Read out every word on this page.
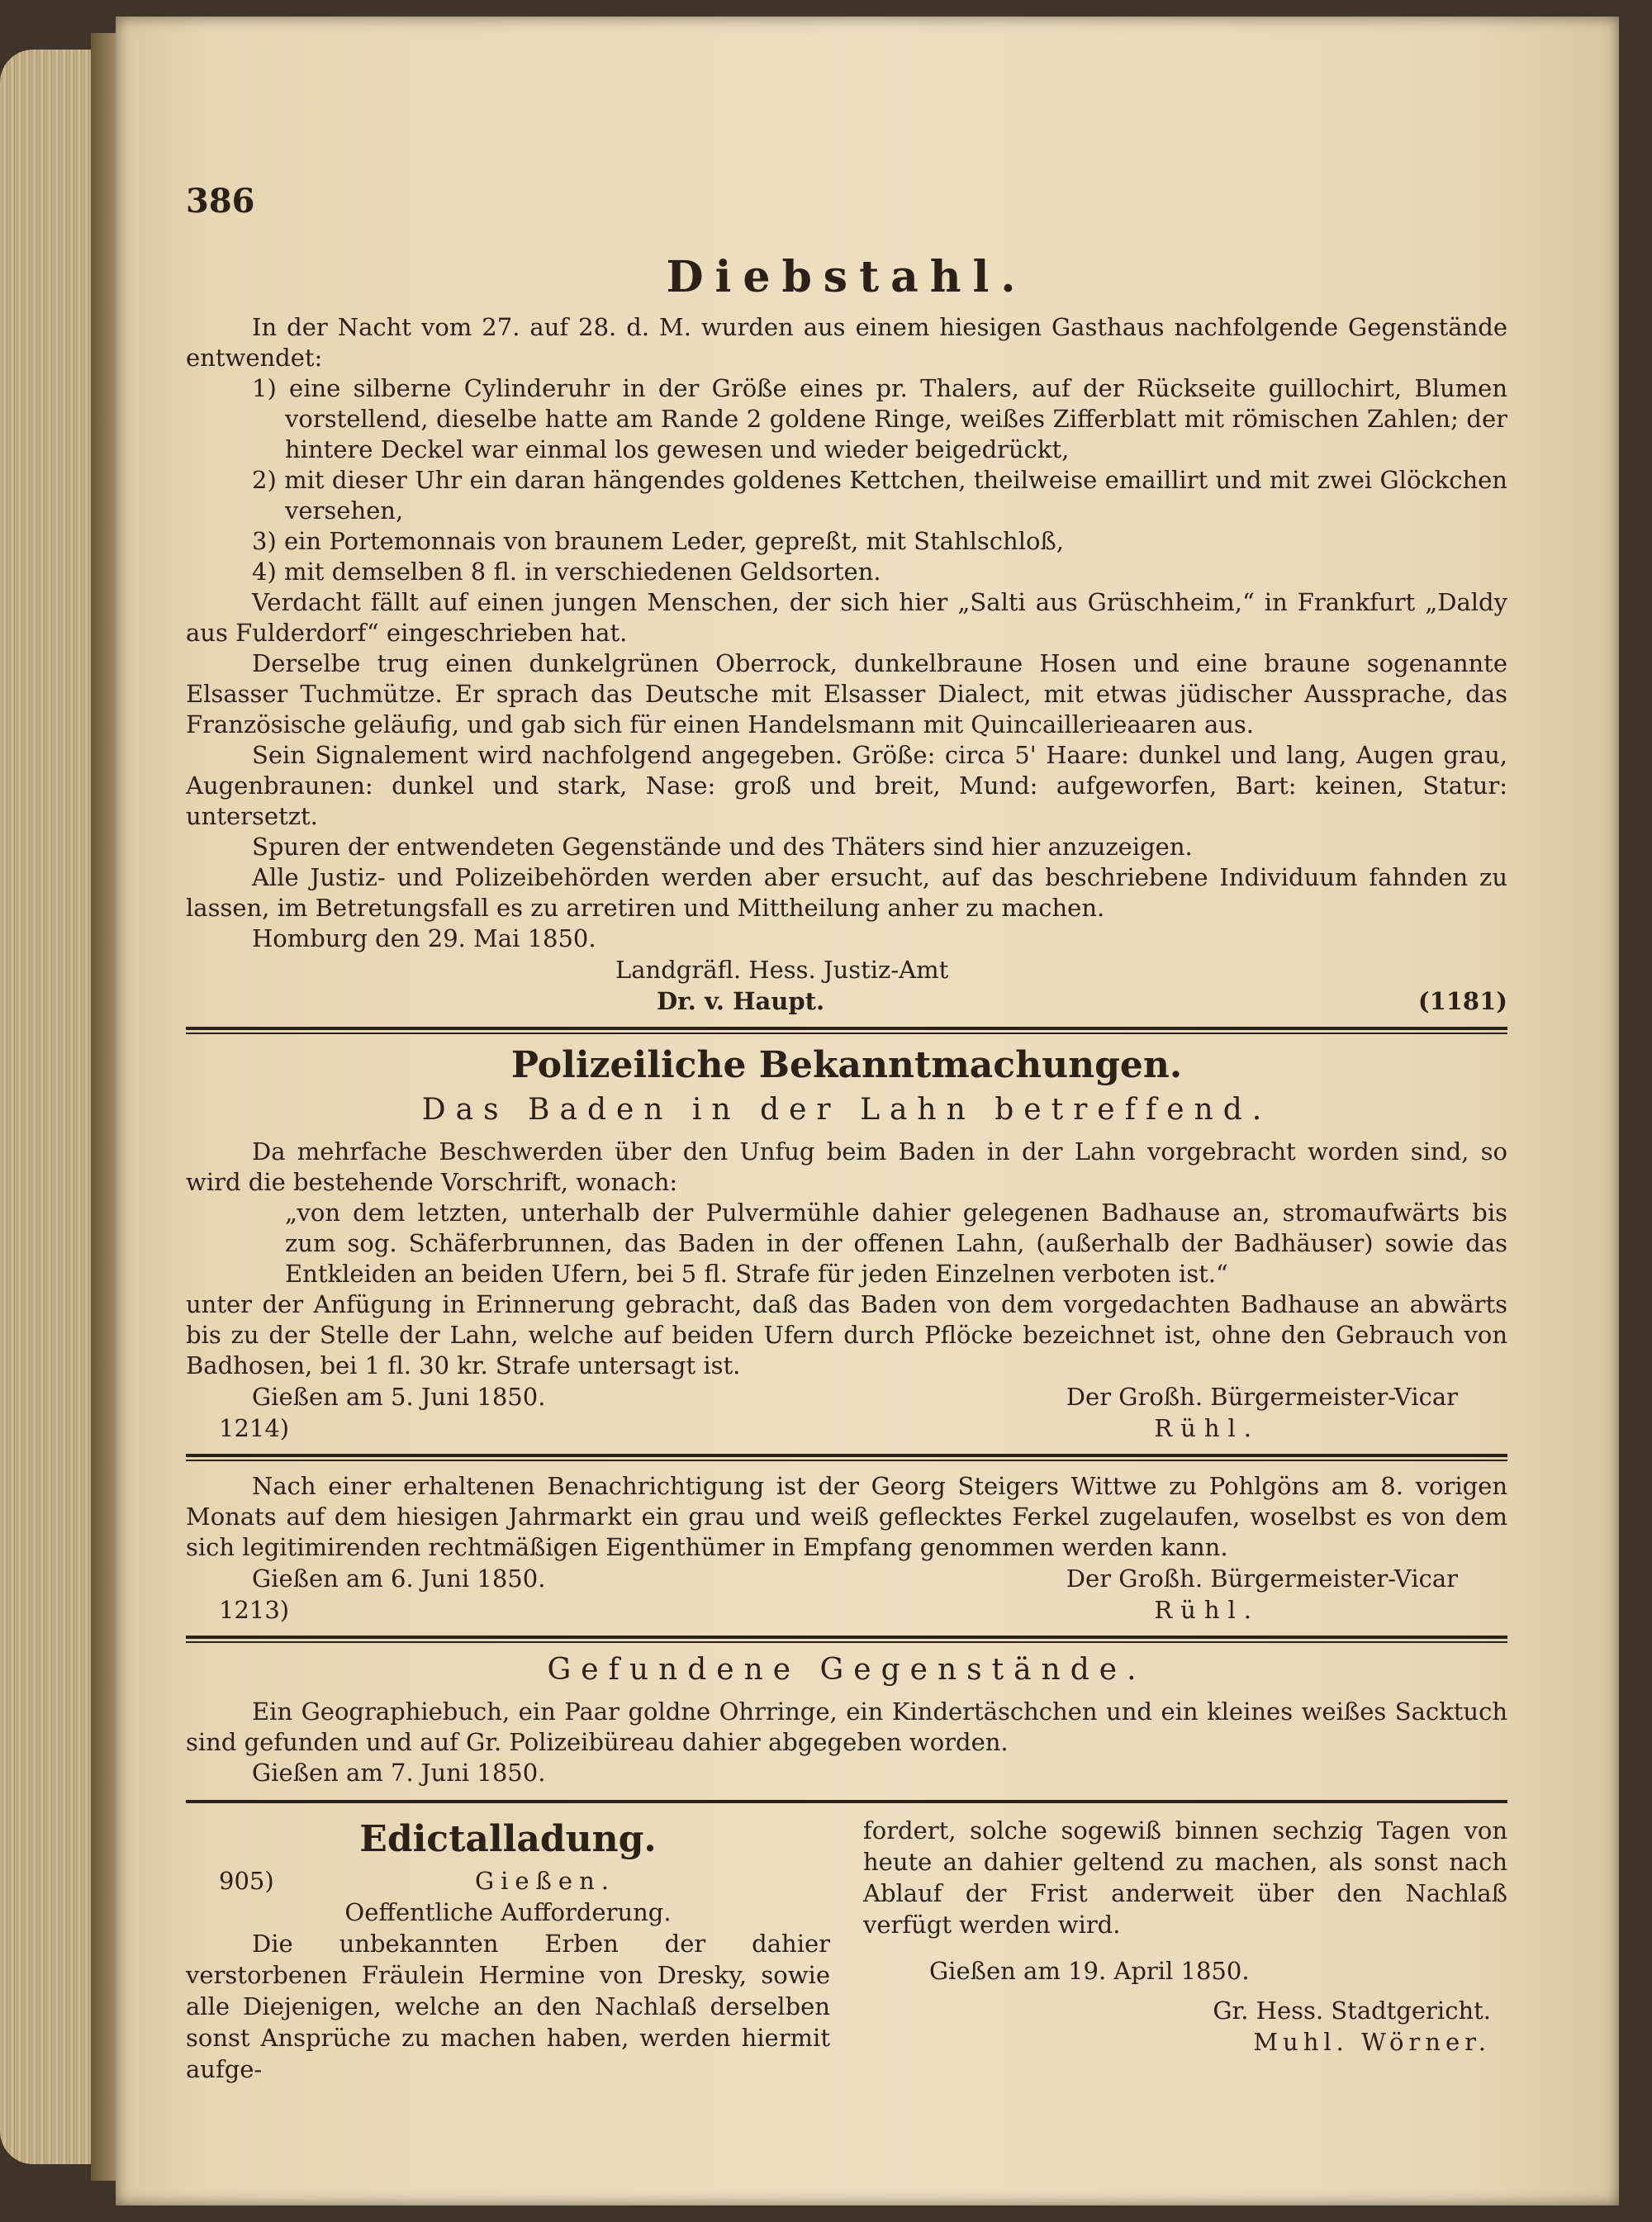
386
Diebstahl.

In der Nacht vom 27. auf 28. d. M. wurden aus einem hiesigen Gasthaus nachfolgende Gegenstände entwendet:

1) eine silberne Cylinderuhr in der Größe eines pr. Thalers, auf der Rückseite guillochirt, Blumen vorstellend, dieselbe hatte am Rande 2 goldene Ringe, weißes Zifferblatt mit römischen Zahlen; der hintere Deckel war einmal los gewesen und wieder beigedrückt,

2) mit dieser Uhr ein daran hängendes goldenes Kettchen, theilweise emaillirt und mit zwei Glöckchen versehen,

3) ein Portemonnais von braunem Leder, gepreßt, mit Stahlschloß,

4) mit demselben 8 fl. in verschiedenen Geldsorten.

Verdacht fällt auf einen jungen Menschen, der sich hier „Salti aus Grüschheim,“ in Frankfurt „Daldy aus Fulderdorf“ eingeschrieben hat.

Derselbe trug einen dunkelgrünen Oberrock, dunkelbraune Hosen und eine braune sogenannte Elsasser Tuchmütze. Er sprach das Deutsche mit Elsasser Dialect, mit etwas jüdischer Aussprache, das Französische geläufig, und gab sich für einen Handelsmann mit Quincaillerieaaren aus.

Sein Signalement wird nachfolgend angegeben. Größe: circa 5' Haare: dunkel und lang, Augen grau, Augenbraunen: dunkel und stark, Nase: groß und breit, Mund: aufgeworfen, Bart: keinen, Statur: untersetzt.

Spuren der entwendeten Gegenstände und des Thäters sind hier anzuzeigen.

Alle Justiz- und Polizeibehörden werden aber ersucht, auf das beschriebene Individuum fahnden zu lassen, im Betretungsfall es zu arretiren und Mittheilung anher zu machen.

Homburg den 29. Mai 1850.

Landgräfl. Hess. Justiz-Amt
Dr. v. Haupt.	(1181)
Polizeiliche Bekanntmachungen.
Das Baden in der Lahn betreffend.

Da mehrfache Beschwerden über den Unfug beim Baden in der Lahn vorgebracht worden sind, so wird die bestehende Vorschrift, wonach:

„von dem letzten, unterhalb der Pulvermühle dahier gelegenen Badhause an, stromaufwärts bis zum sog. Schäferbrunnen, das Baden in der offenen Lahn, (außerhalb der Badhäuser) sowie das Entkleiden an beiden Ufern, bei 5 fl. Strafe für jeden Einzelnen verboten ist.“

unter der Anfügung in Erinnerung gebracht, daß das Baden von dem vorgedachten Badhause an abwärts bis zu der Stelle der Lahn, welche auf beiden Ufern durch Pflöcke bezeichnet ist, ohne den Gebrauch von Badhosen, bei 1 fl. 30 kr. Strafe untersagt ist.

Gießen am 5. Juni 1850.	Der Großh. Bürgermeister-Vicar
1214)	Rühl.

Nach einer erhaltenen Benachrichtigung ist der Georg Steigers Wittwe zu Pohlgöns am 8. vorigen Monats auf dem hiesigen Jahrmarkt ein grau und weiß geflecktes Ferkel zugelaufen, woselbst es von dem sich legitimirenden rechtmäßigen Eigenthümer in Empfang genommen werden kann.

Gießen am 6. Juni 1850.	Der Großh. Bürgermeister-Vicar
1213)	Rühl.
Gefundene Gegenstände.

Ein Geographiebuch, ein Paar goldne Ohrringe, ein Kindertäschchen und ein kleines weißes Sacktuch sind gefunden und auf Gr. Polizeibüreau dahier abgegeben worden.

Gießen am 7. Juni 1850.

Edictalladung.
905)	Gießen.
Oeffentliche Aufforderung.

Die unbekannten Erben der dahier verstorbenen Fräulein Hermine von Dresky, sowie alle Diejenigen, welche an den Nachlaß derselben sonst Ansprüche zu machen haben, werden hiermit aufge-

fordert, solche sogewiß binnen sechzig Tagen von heute an dahier geltend zu machen, als sonst nach Ablauf der Frist anderweit über den Nachlaß verfügt werden wird.

Gießen am 19. April 1850.

Gr. Hess. Stadtgericht.
Muhl. Wörner.
